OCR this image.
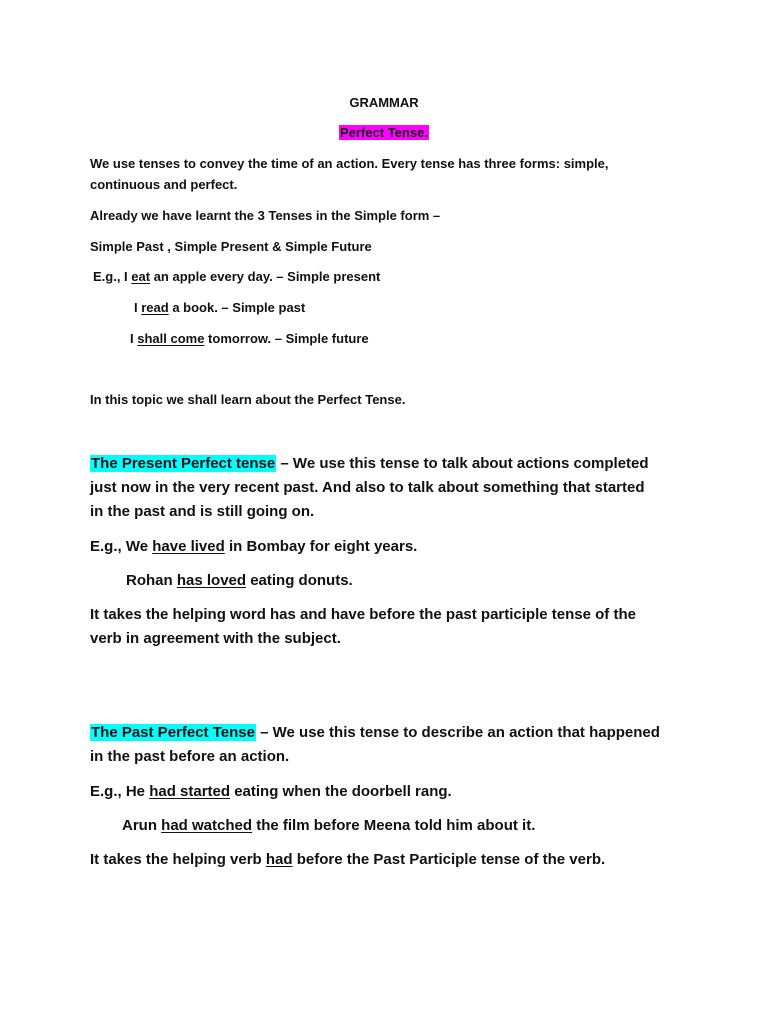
GRAMMAR
Perfect Tense.
We use tenses to convey the time of an action. Every tense has three forms: simple,
continuous and perfect.
Already we have learnt the 3 Tenses in the Simple form –
Simple Past , Simple Present & Simple Future
E.g., I eat an apple every day. – Simple present
I read a book. – Simple past
I shall come tomorrow. – Simple future
In this topic we shall learn about the Perfect Tense.
The Present Perfect tense – We use this tense to talk about actions completed
just now in the very recent past. And also to talk about something that started
in the past and is still going on.
E.g., We have lived in Bombay for eight years.
Rohan has loved eating donuts.
It takes the helping word has and have before the past participle tense of the
verb in agreement with the subject.
The Past Perfect Tense – We use this tense to describe an action that happened
in the past before an action.
E.g., He had started eating when the doorbell rang.
Arun had watched the film before Meena told him about it.
It takes the helping verb had before the Past Participle tense of the verb.
